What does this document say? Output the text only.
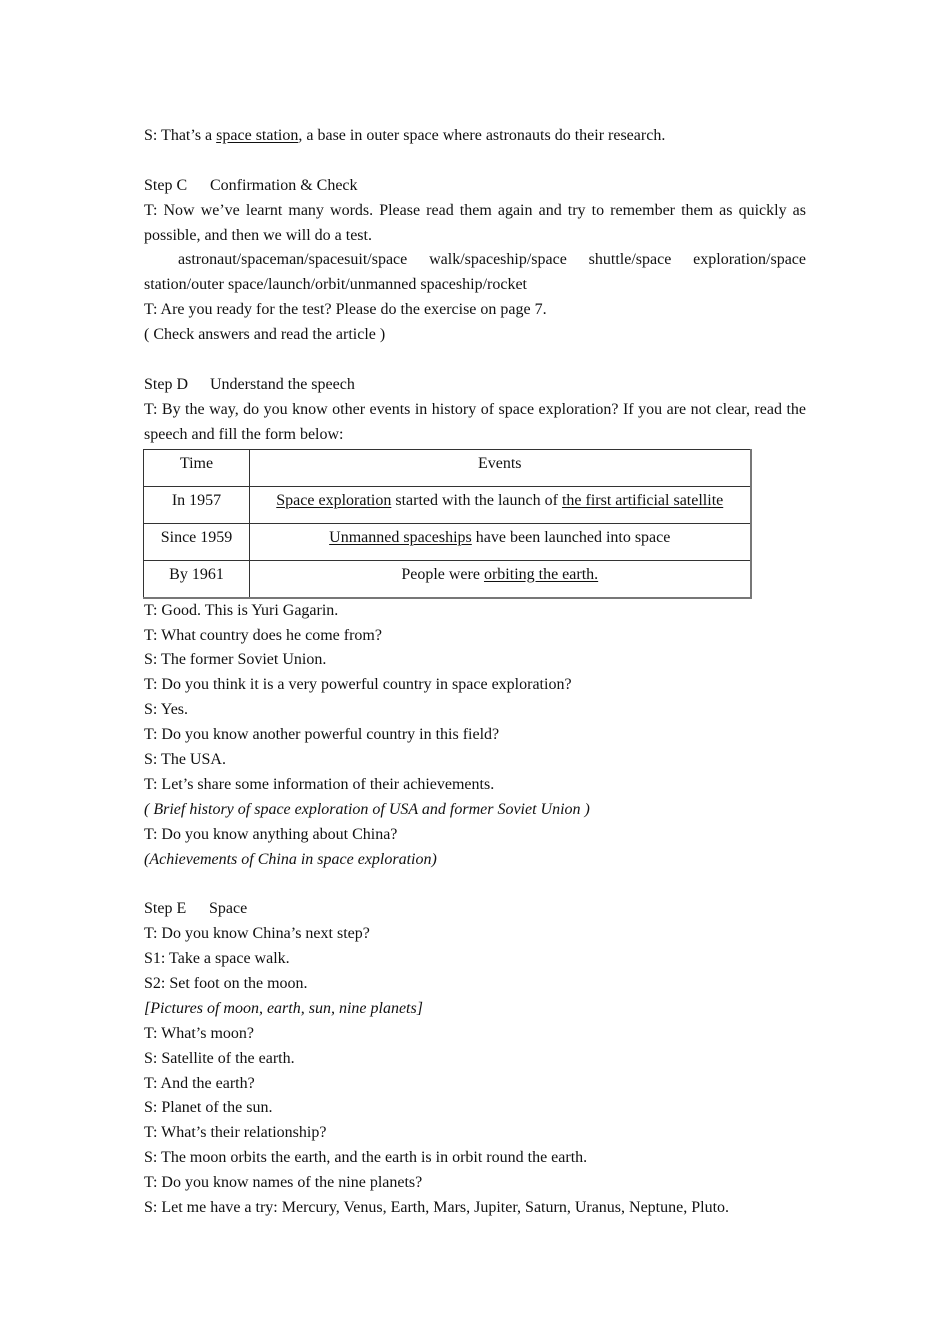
S: That’s a space station, a base in outer space where astronauts do their research.
Step C Confirmation & Check
T: Now we’ve learnt many words. Please read them again and try to remember them as quickly as possible, and then we will do a test.
astronaut/spaceman/spacesuit/space walk/spaceship/space shuttle/space exploration/space
station/outer space/launch/orbit/unmanned spaceship/rocket
T: Are you ready for the test? Please do the exercise on page 7.
( Check answers and read the article )
Step D Understand the speech
T: By the way, do you know other events in history of space exploration? If you are not clear, read the speech and fill the form below:
Time	Events
In 1957	Space exploration started with the launch of the first artificial satellite
Since 1959	Unmanned spaceships have been launched into space
By 1961	People were orbiting the earth.
T: Good. This is Yuri Gagarin.
T: What country does he come from?
S: The former Soviet Union.
T: Do you think it is a very powerful country in space exploration?
S: Yes.
T: Do you know another powerful country in this field?
S: The USA.
T: Let’s share some information of their achievements.
( Brief history of space exploration of USA and former Soviet Union )
T: Do you know anything about China?
(Achievements of China in space exploration)
Step E Space
T: Do you know China’s next step?
S1: Take a space walk.
S2: Set foot on the moon.
[Pictures of moon, earth, sun, nine planets]
T: What’s moon?
S: Satellite of the earth.
T: And the earth?
S: Planet of the sun.
T: What’s their relationship?
S: The moon orbits the earth, and the earth is in orbit round the earth.
T: Do you know names of the nine planets?
S: Let me have a try: Mercury, Venus, Earth, Mars, Jupiter, Saturn, Uranus, Neptune, Pluto.
